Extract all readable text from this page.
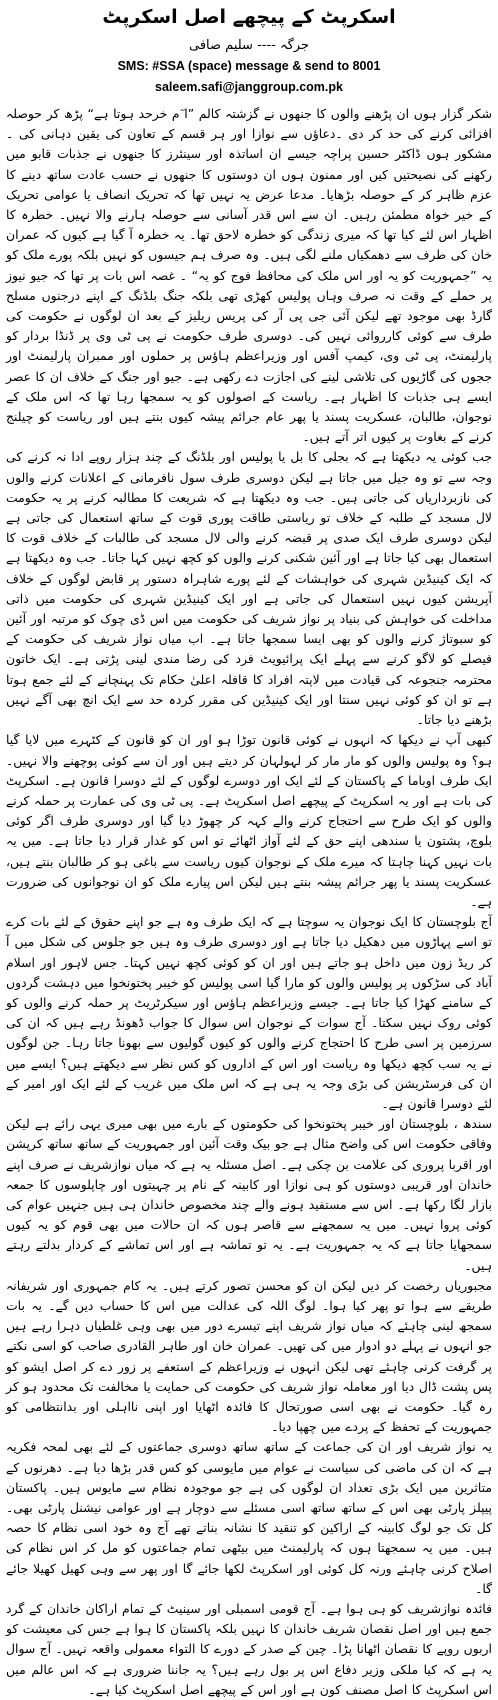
اسکرپٹ کے پیچھے اصل اسکرپٹ
جرگہ ---- سلیم صافی
SMS: #SSA (space) message & send to 8001
saleem.safi@janggroup.com.pk

شکر گزار ہوں ان پڑھنے والوں کا جنھوں نے گزشتہ کالم ”ا ٓم خرحد ہوتا ہے“ پڑھ کر حوصلہ افزائی کرنے کی حد کر دی ۔دعاؤں سے نوازا اور ہر قسم کے تعاون کی یقین دہانی کی ۔ مشکور ہوں ڈاکٹر حسین پراچہ جیسے ان اساتذہ اور سینئرز کا جنھوں نے جذبات قابو میں رکھنے کی نصیحتیں کیں اور ممنون ہوں ان دوستوں کا جنھوں نے حسب عادت ساتھ دینے کا عزم ظاہر کر کے حوصلہ بڑھایا۔ مدعا عرض یہ نہیں تھا کہ تحریک انصاف یا عوامی تحریک کے خیر خواہ مطمئن رہیں۔ ان سے اس قدر آسانی سے حوصلہ ہارنے والا نہیں۔ خطرہ کا اظہار اس لئے کیا تھا کہ میری زندگی کو خطرہ لاحق تھا۔ یہ خطرہ آ گیا ہے کیوں کہ عمران خان کی طرف سے دھمکیاں ملنے لگی ہیں۔ وہ صرف ہم جیسوں کو نہیں بلکہ پورے ملک کو یہ ”جمہوریت کو یہ اور اس ملک کی محافظ فوج کو یہ“ ۔ غصہ اس بات پر تھا کہ جیو نیوز پر حملے کے وقت نہ صرف وہاں پولیس کھڑی تھی بلکہ جنگ بلڈنگ کے اپنے درجنوں مسلح گارڈ بھی موجود تھے لیکن آئی جی پی آر کی پریس ریلیز کے بعد ان لوگوں نے حکومت کی طرف سے کوئی کارروائی نہیں کی۔ دوسری طرف حکومت نے پی ٹی وی پر ڈنڈا بردار کو پارلیمنٹ، پی ٹی وی، کیمپ آفس اور وزیراعظم ہاؤس پر حملوں اور ممبران پارلیمنٹ اور ججوں کی گاڑیوں کی تلاشی لینے کی اجازت دے رکھی ہے۔ جیو اور جنگ کے خلاف ان کا عصر ایسے ہی جذبات کا اظہار ہے۔ ریاست کے اصولوں کو یہ سمجھا رہا تھا کہ اس ملک کے نوجوان، طالبان، عسکریت پسند یا پھر عام جرائم پیشہ کیوں بنتے ہیں اور ریاست کو چیلنج کرنے کے بغاوت پر کیوں اتر آتے ہیں۔

جب کوئی یہ دیکھتا ہے کہ بجلی کا بل یا پولیس اور بلڈنگ کے چند ہزار روپے ادا نہ کرنے کی وجہ سے تو وہ جیل میں جاتا ہے لیکن دوسری طرف سول نافرمانی کے اعلانات کرنے والوں کی نازبرداریاں کی جاتی ہیں۔ جب وہ دیکھتا ہے کہ شریعت کا مطالبہ کرنے پر یہ حکومت لال مسجد کے طلبہ کے خلاف تو ریاستی طاقت پوری قوت کے ساتھ استعمال کی جاتی ہے لیکن دوسری طرف ایک صدی پر قبضہ کرنے والی لال مسجد کی طالبات کے خلاف قوت کا استعمال بھی کیا جاتا ہے اور آئین شکنی کرنے والوں کو کچھ نہیں کہا جاتا۔ جب وہ دیکھتا ہے کہ ایک کینیڈین شہری کی خواہشات کے لئے پورے شاہراہ دستور پر قابض لوگوں کے خلاف آپریشن کیوں نہیں استعمال کی جاتی ہے اور ایک کینیڈین شہری کی حکومت میں ذاتی مداخلت کی خواہش کی بنیاد پر نواز شریف کی حکومت میں اس ڈی چوک کو مرتبہ اور آئین کو سبوتاژ کرنے والوں کو بھی ایسا سمجھا جاتا ہے۔ اب میاں نواز شریف کی حکومت کے فیصلے کو لاگو کرنے سے پہلے ایک پرائیویٹ فرد کی رضا مندی لینی پڑتی ہے۔ ایک خاتون محترمہ جنجوعہ کی قیادت میں لاپتہ افراد کا قافلہ اعلیٰ حکام تک پہنچانے کے لئے جمع ہوتا ہے تو ان کو کوئی نہیں سنتا اور ایک کینیڈین کی مقرر کردہ حد سے ایک انچ بھی آگے نہیں بڑھنے دیا جاتا۔

کبھی آپ نے دیکھا کہ انہوں نے کوئی قانون توڑا ہو اور ان کو قانون کے کٹہرے میں لایا گیا ہو؟ وہ پولیس والوں کو مار مار کر لہولہان کر دیتے ہیں اور ان سے کوئی پوچھنے والا نہیں۔ ایک طرف اوباما کے پاکستان کے لئے ایک اور دوسرے لوگوں کے لئے دوسرا قانون ہے۔ اسکرپٹ کی بات ہے اور یہ اسکرپٹ کے پیچھے اصل اسکرپٹ ہے۔ پی ٹی وی کی عمارت پر حملہ کرنے والوں کو ایک طرح سے احتجاج کرنے والے کہہ کر چھوڑ دیا گیا اور دوسری طرف اگر کوئی بلوچ، پشتون یا سندھی اپنے حق کے لئے آواز اٹھائے تو اس کو غدار قرار دیا جاتا ہے۔ میں یہ بات نہیں کہنا چاہتا کہ میرے ملک کے نوجوان کیوں ریاست سے باغی ہو کر طالبان بنتے ہیں، عسکریت پسند یا پھر جرائم پیشہ بنتے ہیں لیکن اس پیارے ملک کو ان نوجوانوں کی ضرورت ہے۔

آج بلوچستان کا ایک نوجوان یہ سوچتا ہے کہ ایک طرف وہ ہے جو اپنے حقوق کے لئے بات کرے تو اسے پہاڑوں میں دھکیل دیا جاتا ہے اور دوسری طرف وہ ہیں جو جلوس کی شکل میں آ کر ریڈ زون میں داخل ہو جاتے ہیں اور ان کو کوئی کچھ نہیں کہتا۔ جس لاہور اور اسلام آباد کی سڑکوں پر پولیس والوں کو مارا گیا اسی پولیس کو خیبر پختونخوا میں دہشت گردوں کے سامنے کھڑا کیا جاتا ہے۔ جیسے وزیراعظم ہاؤس اور سیکرٹریٹ پر حملہ کرنے والوں کو کوئی روک نہیں سکتا۔ آج سوات کے نوجوان اس سوال کا جواب ڈھونڈ رہے ہیں کہ ان کی سرزمین پر اسی طرح کا احتجاج کرنے والوں کو کیوں گولیوں سے بھونا جاتا رہا۔ جن لوگوں نے یہ سب کچھ دیکھا وہ ریاست اور اس کے اداروں کو کس نظر سے دیکھتے ہیں؟ ایسے میں ان کی فرسٹریشن کی بڑی وجہ یہ ہی ہے کہ اس ملک میں غریب کے لئے ایک اور امیر کے لئے دوسرا قانون ہے۔

سندھ ، بلوچستان اور خیبر پختونخوا کی حکومتوں کے بارے میں بھی میری یہی رائے ہے لیکن وفاقی حکومت اس کی واضح مثال ہے جو بیک وقت آئین اور جمہوریت کے ساتھ ساتھ کرپشن اور اقربا پروری کی علامت بن چکی ہے۔ اصل مسئلہ یہ ہے کہ میاں نوازشریف نے صرف اپنے خاندان اور قریبی دوستوں کو ہی نوازا اور کابینہ کے نام پر چہیتوں اور چاپلوسوں کا جمعہ بازار لگا رکھا ہے۔ اس سے مستفید ہونے والے چند مخصوص خاندان ہی ہیں جنہیں عوام کی کوئی پروا نہیں۔ میں یہ سمجھنے سے قاصر ہوں کہ ان حالات میں بھی قوم کو یہ کیوں سمجھایا جاتا ہے کہ یہ جمہوریت ہے۔ یہ تو تماشہ ہے اور اس تماشے کے کردار بدلتے رہتے ہیں۔

مجبوریاں رخصت کر دیں لیکن ان کو محسن تصور کرتے ہیں۔ یہ کام جمہوری اور شریفانہ طریقے سے ہوا تو پھر کیا ہوا۔ لوگ اللہ کی عدالت میں اس کا حساب دیں گے۔ یہ بات سمجھ لینی چاہئے کہ میاں نواز شریف اپنے تیسرے دور میں بھی وہی غلطیاں دہرا رہے ہیں جو انہوں نے پہلے دو ادوار میں کی تھیں۔ عمران خان اور طاہر القادری صاحب کو اسی نکتے پر گرفت کرنی چاہئے تھی لیکن انہوں نے وزیراعظم کے استعفے پر زور دے کر اصل ایشو کو پس پشت ڈال دیا اور معاملہ نواز شریف کی حکومت کی حمایت یا مخالفت تک محدود ہو کر رہ گیا۔ حکومت نے بھی اسی صورتحال کا فائدہ اٹھایا اور اپنی نااہلی اور بدانتظامی کو جمہوریت کے تحفظ کے پردے میں چھپا دیا۔

یہ نواز شریف اور ان کی جماعت کے ساتھ ساتھ دوسری جماعتوں کے لئے بھی لمحہ فکریہ ہے کہ ان کی ماضی کی سیاست نے عوام میں مایوسی کو کس قدر بڑھا دیا ہے۔ دھرنوں کے متاثرین میں ایک بڑی تعداد ان لوگوں کی ہے جو موجودہ نظام سے مایوس ہیں۔ پاکستان پیپلز پارٹی بھی اس کے ساتھ ساتھ اسی مسئلے سے دوچار ہے اور عوامی نیشنل پارٹی بھی۔ کل تک جو لوگ کابینہ کے اراکین کو تنقید کا نشانہ بناتے تھے آج وہ خود اسی نظام کا حصہ ہیں۔ میں یہ سمجھتا ہوں کہ پارلیمنٹ میں بیٹھی تمام جماعتوں کو مل کر اس نظام کی اصلاح کرنی چاہئے ورنہ کل کوئی اور اسکرپٹ لکھا جائے گا اور پھر سے وہی کھیل کھیلا جائے گا۔

فائدہ نوازشریف کو ہی ہوا ہے۔ آج قومی اسمبلی اور سینیٹ کے تمام اراکان خاندان کے گرد جمع ہیں اور اصل نقصان شریف خاندان کا نہیں بلکہ پاکستان کا ہوا ہے جس کی معیشت کو اربوں روپے کا نقصان اٹھانا پڑا۔ چین کے صدر کے دورے کا التواء معمولی واقعہ نہیں۔ آج سوال یہ ہے کہ کیا ملکی وزیر دفاع اس پر بول رہے ہیں؟ یہ جاننا ضروری ہے کہ اس عالم میں اس اسکرپٹ کا اصل مصنف کون ہے اور اس کے پیچھے اصل اسکرپٹ کیا ہے۔
